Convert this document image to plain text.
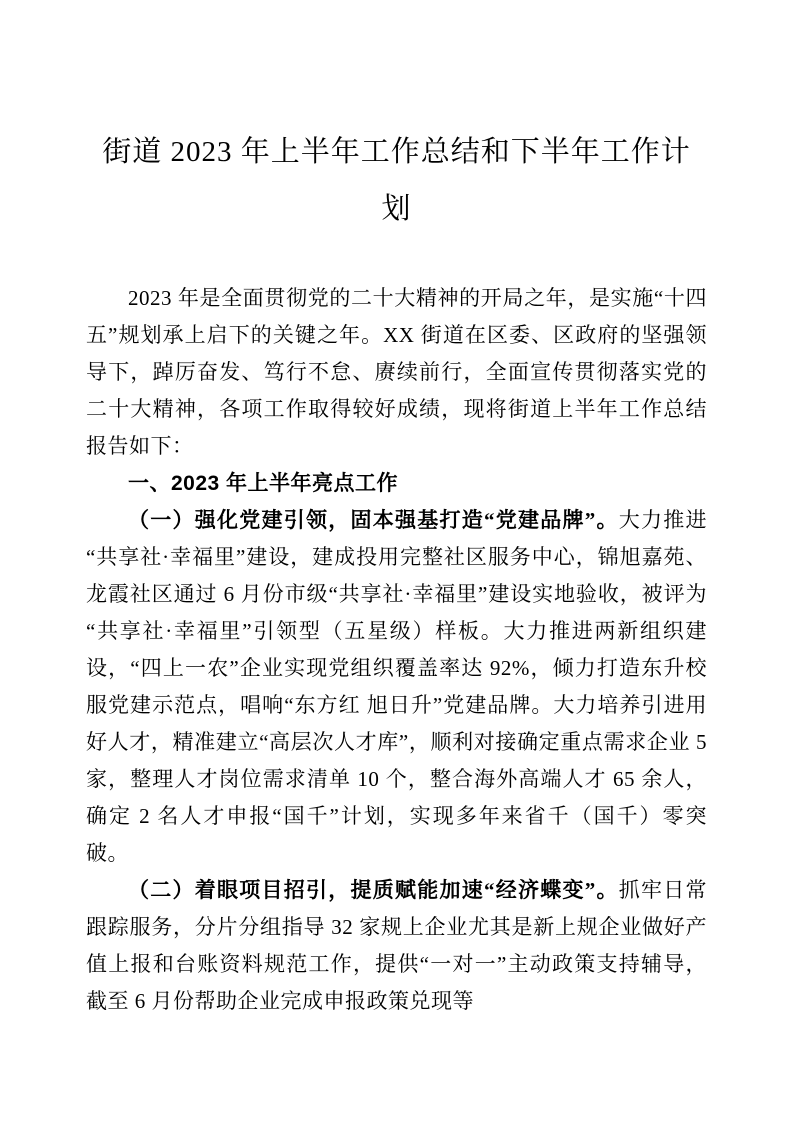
街道 2023 年上半年工作总结和下半年工作计划

2023 年是全面贯彻党的二十大精神的开局之年，是实施“十四五”规划承上启下的关键之年。XX 街道在区委、区政府的坚强领导下，踔厉奋发、笃行不怠、赓续前行，全面宣传贯彻落实党的二十大精神，各项工作取得较好成绩，现将街道上半年工作总结报告如下：

一、2023 年上半年亮点工作

（一）强化党建引领，固本强基打造“党建品牌”。大力推进“共享社·幸福里”建设，建成投用完整社区服务中心，锦旭嘉苑、龙霞社区通过 6 月份市级“共享社·幸福里”建设实地验收，被评为“共享社·幸福里”引领型（五星级）样板。大力推进两新组织建设，“四上一农”企业实现党组织覆盖率达 92%，倾力打造东升校服党建示范点，唱响“东方红 旭日升”党建品牌。大力培养引进用好人才，精准建立“高层次人才库”，顺利对接确定重点需求企业 5 家，整理人才岗位需求清单 10 个，整合海外高端人才 65 余人，确定 2 名人才申报“国千”计划，实现多年来省千（国千）零突破。

（二）着眼项目招引，提质赋能加速“经济蝶变”。抓牢日常跟踪服务，分片分组指导 32 家规上企业尤其是新上规企业做好产值上报和台账资料规范工作，提供“一对一”主动政策支持辅导，截至 6 月份帮助企业完成申报政策兑现等
